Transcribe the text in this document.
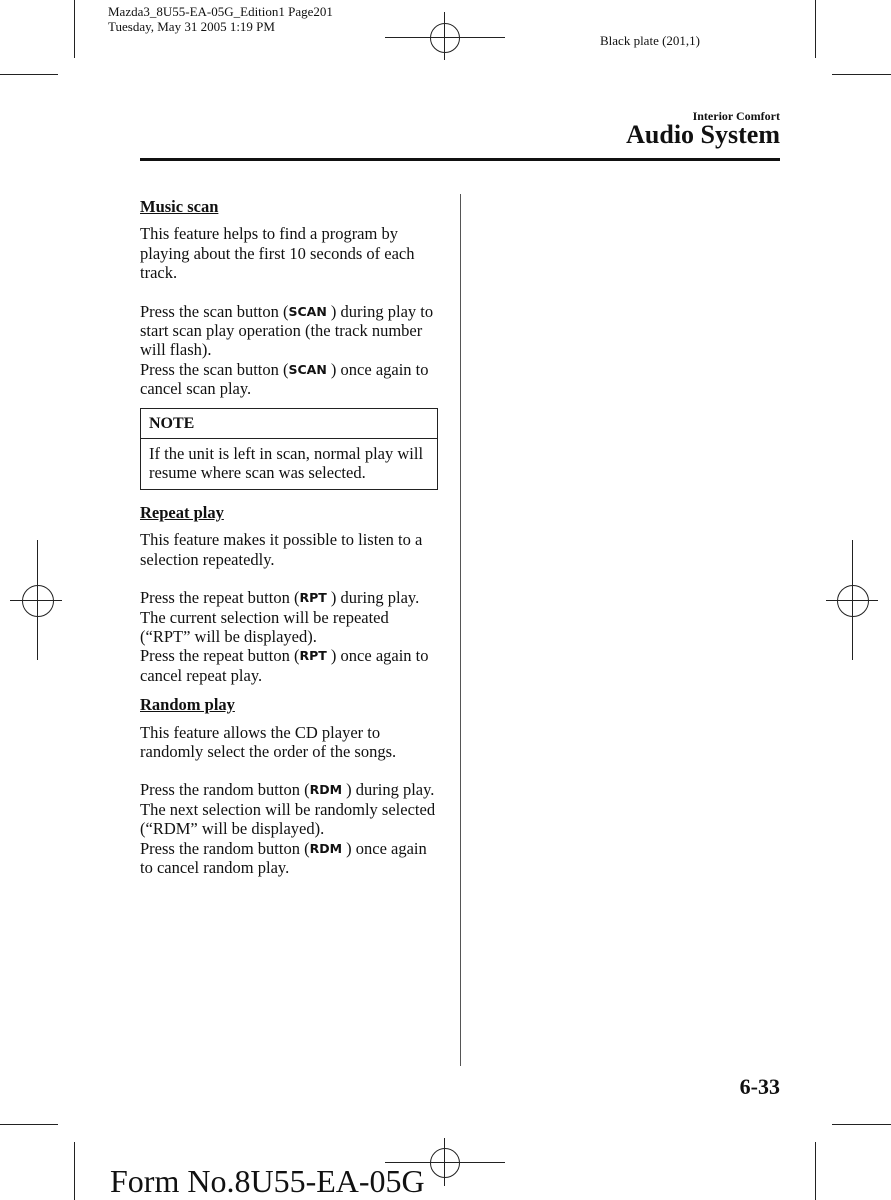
Mazda3_8U55-EA-05G_Edition1 Page201
Tuesday, May 31 2005 1:19 PM
Black plate (201,1)
Interior Comfort
Audio System
Music scan

This feature helps to find a program by playing about the first 10 seconds of each track.

Press the scan button (SCAN ) during play to start scan play operation (the track number will flash).

Press the scan button (SCAN ) once again to cancel scan play.

NOTE
If the unit is left in scan, normal play will resume where scan was selected.
Repeat play

This feature makes it possible to listen to a selection repeatedly.

Press the repeat button (RPT ) during play. The current selection will be repeated (“RPT” will be displayed).

Press the repeat button (RPT ) once again to cancel repeat play.

Random play

This feature allows the CD player to randomly select the order of the songs.

Press the random button (RDM ) during play. The next selection will be randomly selected (“RDM” will be displayed).

Press the random button (RDM ) once again to cancel random play.

6-33
Form No.8U55-EA-05G
